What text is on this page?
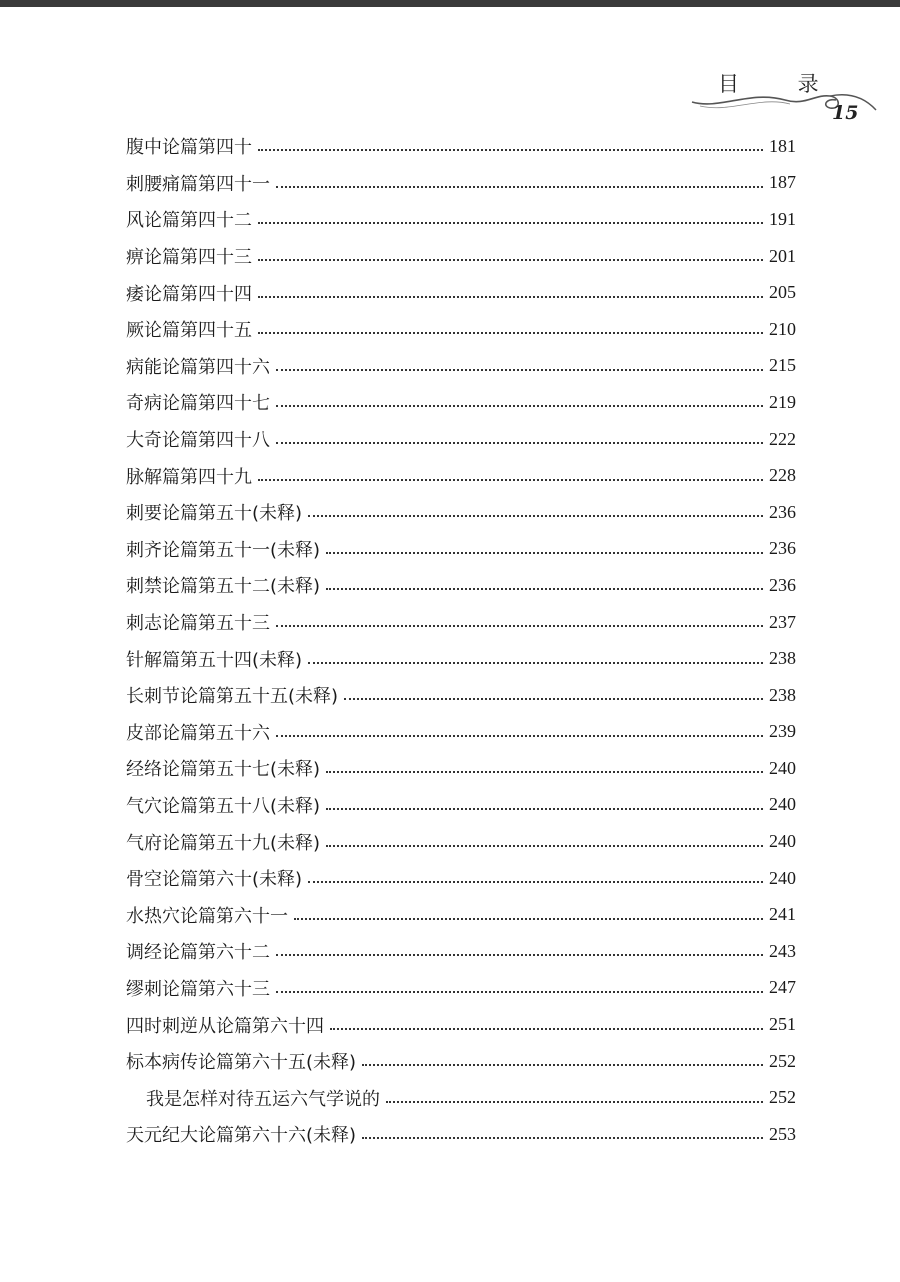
目 录
15
腹中论篇第四十	181
刺腰痛篇第四十一	187
风论篇第四十二	191
痹论篇第四十三	201
痿论篇第四十四	205
厥论篇第四十五	210
病能论篇第四十六	215
奇病论篇第四十七	219
大奇论篇第四十八	222
脉解篇第四十九	228
刺要论篇第五十(未释)	236
刺齐论篇第五十一(未释)	236
刺禁论篇第五十二(未释)	236
刺志论篇第五十三	237
针解篇第五十四(未释)	238
长刺节论篇第五十五(未释)	238
皮部论篇第五十六	239
经络论篇第五十七(未释)	240
气穴论篇第五十八(未释)	240
气府论篇第五十九(未释)	240
骨空论篇第六十(未释)	240
水热穴论篇第六十一	241
调经论篇第六十二	243
缪刺论篇第六十三	247
四时刺逆从论篇第六十四	251
标本病传论篇第六十五(未释)	252
我是怎样对待五运六气学说的	252
天元纪大论篇第六十六(未释)	253
